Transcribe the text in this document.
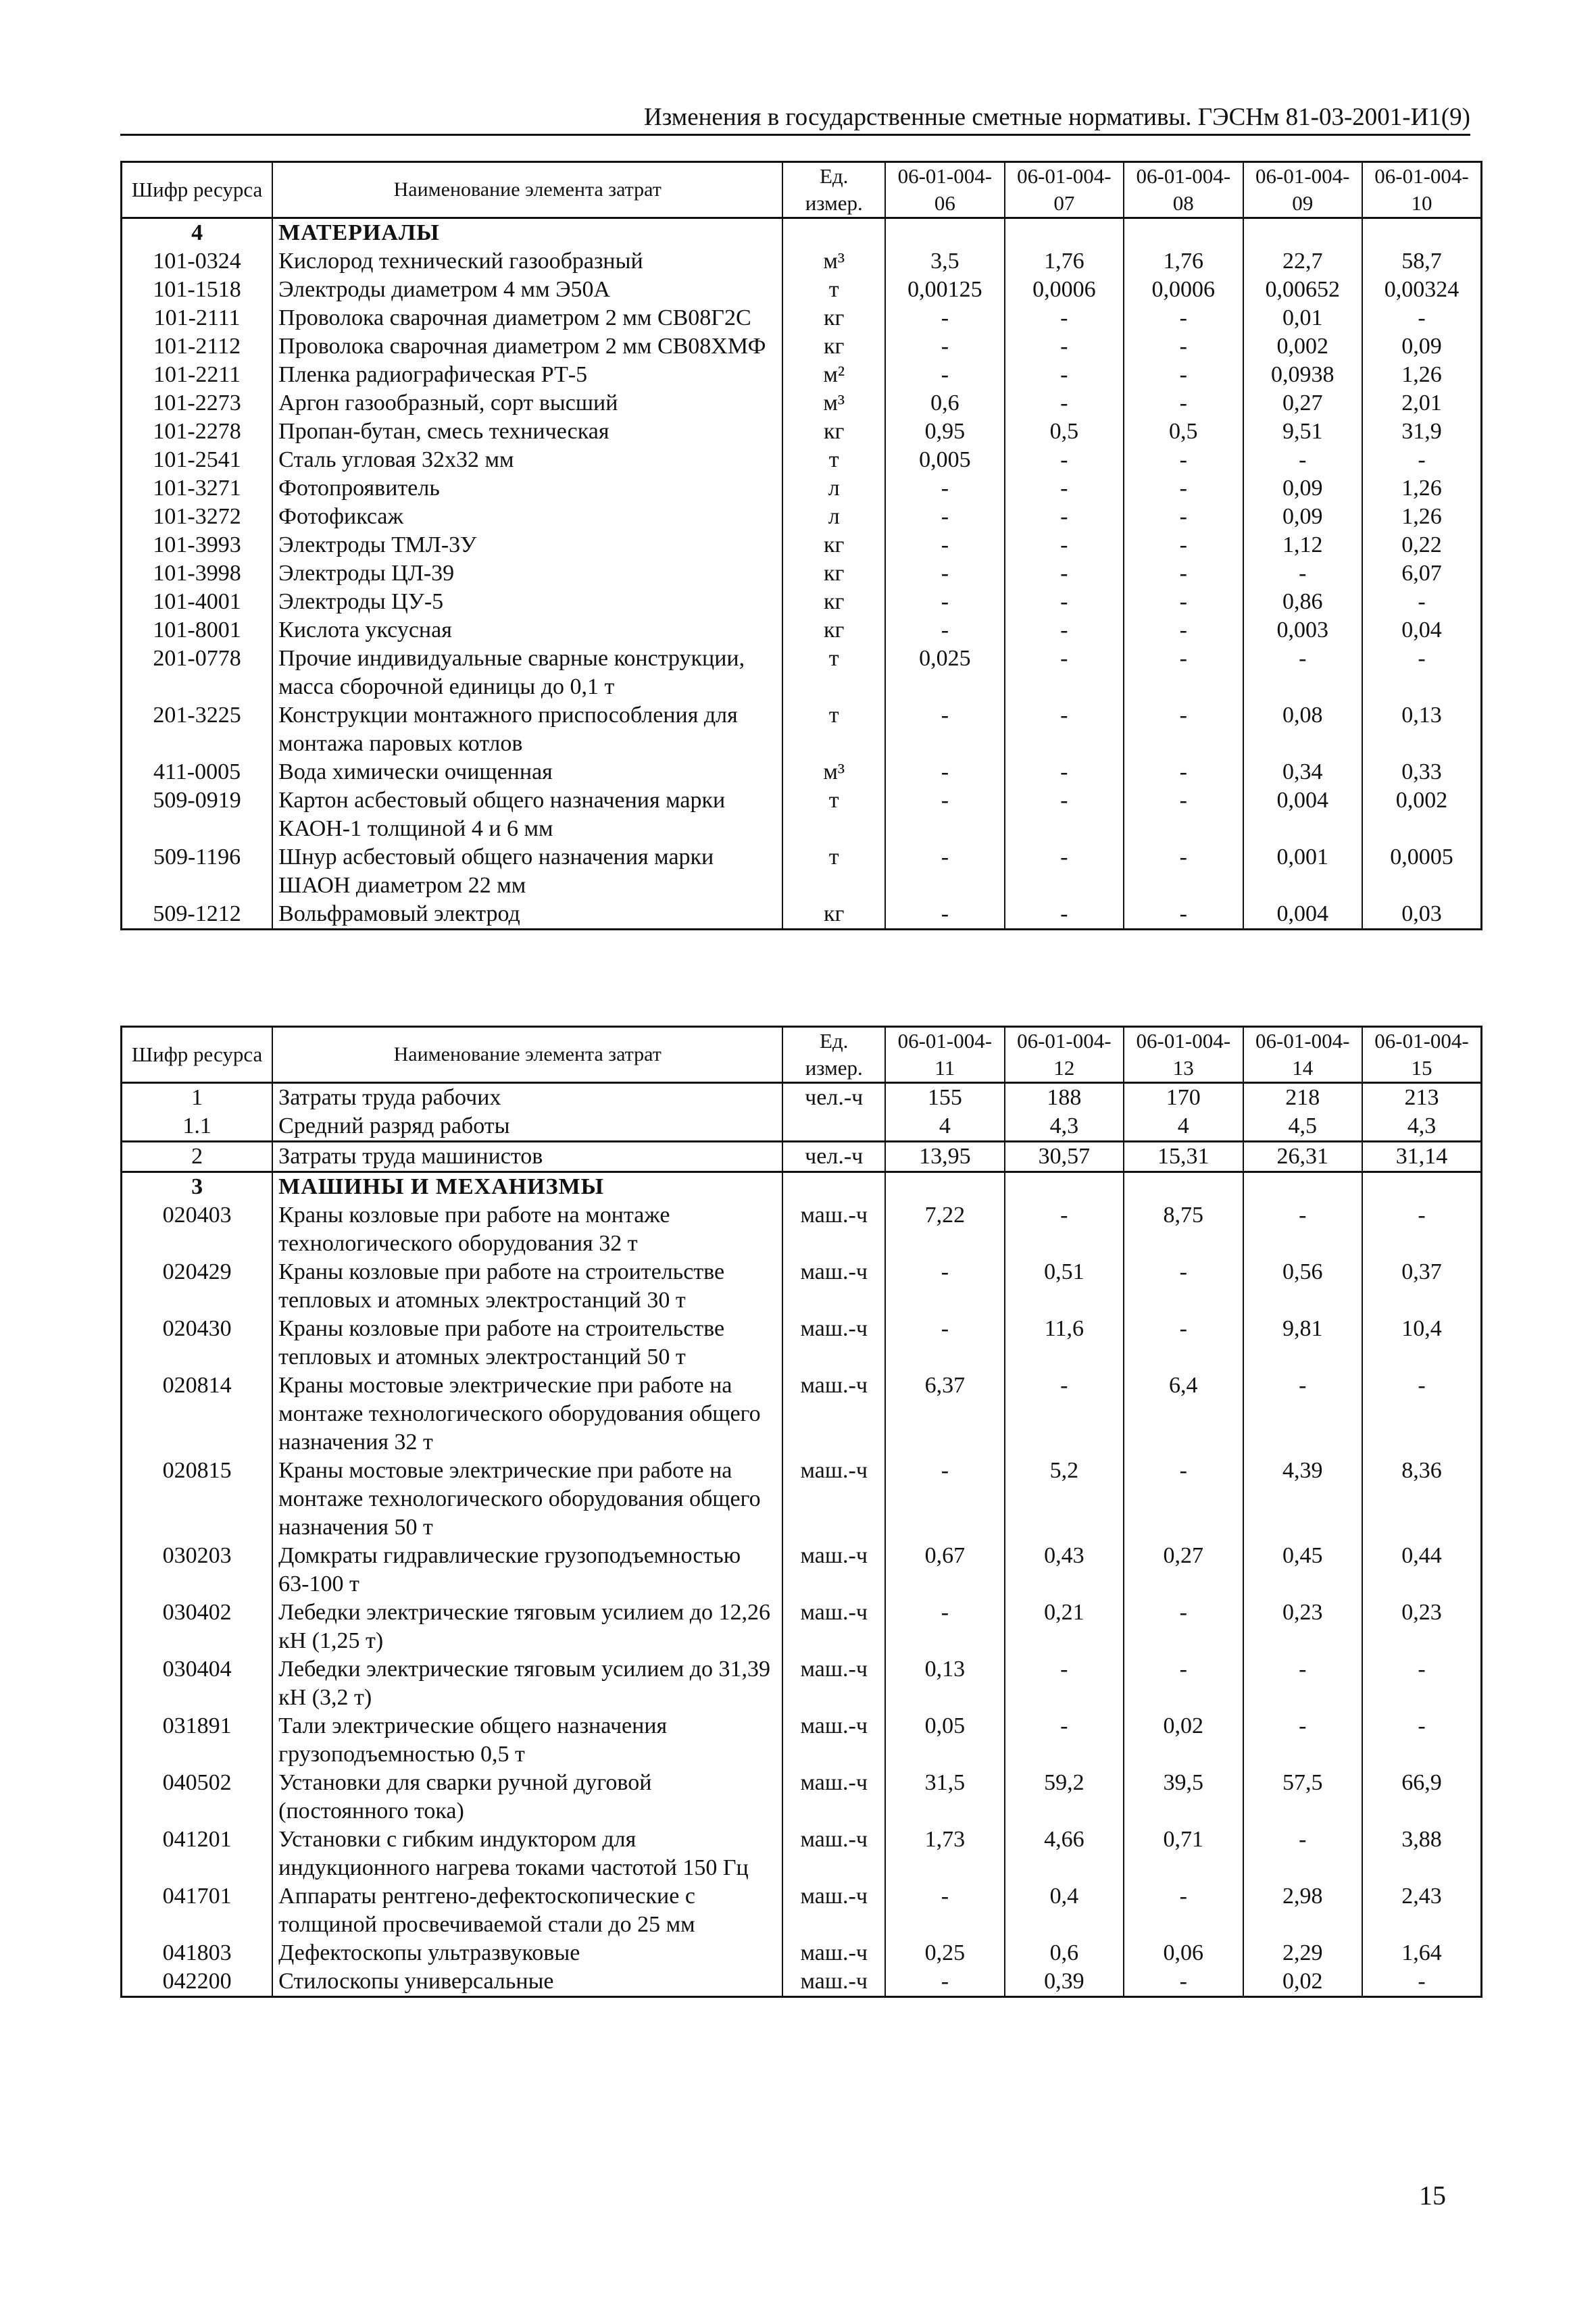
Изменения в государственные сметные нормативы. ГЭСНм 81-03-2001-И1(9)
Шифр ресурса	Наименование элемента затрат	Ед. измер.	06-01-004-06	06-01-004-07	06-01-004-08	06-01-004-09	06-01-004-10
4	МАТЕРИАЛЫ						
101-0324	Кислород технический газообразный	м³	3,5	1,76	1,76	22,7	58,7
101-1518	Электроды диаметром 4 мм Э50А	т	0,00125	0,0006	0,0006	0,00652	0,00324
101-2111	Проволока сварочная диаметром 2 мм СВ08Г2С	кг	-	-	-	0,01	-
101-2112	Проволока сварочная диаметром 2 мм СВ08ХМФ	кг	-	-	-	0,002	0,09
101-2211	Пленка радиографическая РТ-5	м²	-	-	-	0,0938	1,26
101-2273	Аргон газообразный, сорт высший	м³	0,6	-	-	0,27	2,01
101-2278	Пропан-бутан, смесь техническая	кг	0,95	0,5	0,5	9,51	31,9
101-2541	Сталь угловая 32х32 мм	т	0,005	-	-	-	-
101-3271	Фотопроявитель	л	-	-	-	0,09	1,26
101-3272	Фотофиксаж	л	-	-	-	0,09	1,26
101-3993	Электроды ТМЛ-3У	кг	-	-	-	1,12	0,22
101-3998	Электроды ЦЛ-39	кг	-	-	-	-	6,07
101-4001	Электроды ЦУ-5	кг	-	-	-	0,86	-
101-8001	Кислота уксусная	кг	-	-	-	0,003	0,04
201-0778	Прочие индивидуальные сварные конструкции, масса сборочной единицы до 0,1 т	т	0,025	-	-	-	-
201-3225	Конструкции монтажного приспособления для монтажа паровых котлов	т	-	-	-	0,08	0,13
411-0005	Вода химически очищенная	м³	-	-	-	0,34	0,33
509-0919	Картон асбестовый общего назначения марки КАОН-1 толщиной 4 и 6 мм	т	-	-	-	0,004	0,002
509-1196	Шнур асбестовый общего назначения марки ШАОН диаметром 22 мм	т	-	-	-	0,001	0,0005
509-1212	Вольфрамовый электрод	кг	-	-	-	0,004	0,03
Шифр ресурса	Наименование элемента затрат	Ед. измер.	06-01-004-11	06-01-004-12	06-01-004-13	06-01-004-14	06-01-004-15
1	Затраты труда рабочих	чел.-ч	155	188	170	218	213
1.1	Средний разряд работы		4	4,3	4	4,5	4,3
2	Затраты труда машинистов	чел.-ч	13,95	30,57	15,31	26,31	31,14
3	МАШИНЫ И МЕХАНИЗМЫ						
020403	Краны козловые при работе на монтаже технологического оборудования 32 т	маш.-ч	7,22	-	8,75	-	-
020429	Краны козловые при работе на строительстве тепловых и атомных электростанций 30 т	маш.-ч	-	0,51	-	0,56	0,37
020430	Краны козловые при работе на строительстве тепловых и атомных электростанций 50 т	маш.-ч	-	11,6	-	9,81	10,4
020814	Краны мостовые электрические при работе на монтаже технологического оборудования общего назначения 32 т	маш.-ч	6,37	-	6,4	-	-
020815	Краны мостовые электрические при работе на монтаже технологического оборудования общего назначения 50 т	маш.-ч	-	5,2	-	4,39	8,36
030203	Домкраты гидравлические грузоподъемностью 63-100 т	маш.-ч	0,67	0,43	0,27	0,45	0,44
030402	Лебедки электрические тяговым усилием до 12,26 кН (1,25 т)	маш.-ч	-	0,21	-	0,23	0,23
030404	Лебедки электрические тяговым усилием до 31,39 кН (3,2 т)	маш.-ч	0,13	-	-	-	-
031891	Тали электрические общего назначения грузоподъемностью 0,5 т	маш.-ч	0,05	-	0,02	-	-
040502	Установки для сварки ручной дуговой (постоянного тока)	маш.-ч	31,5	59,2	39,5	57,5	66,9
041201	Установки с гибким индуктором для индукционного нагрева токами частотой 150 Гц	маш.-ч	1,73	4,66	0,71	-	3,88
041701	Аппараты рентгено-дефектоскопические с толщиной просвечиваемой стали до 25 мм	маш.-ч	-	0,4	-	2,98	2,43
041803	Дефектоскопы ультразвуковые	маш.-ч	0,25	0,6	0,06	2,29	1,64
042200	Стилоскопы универсальные	маш.-ч	-	0,39	-	0,02	-
15
